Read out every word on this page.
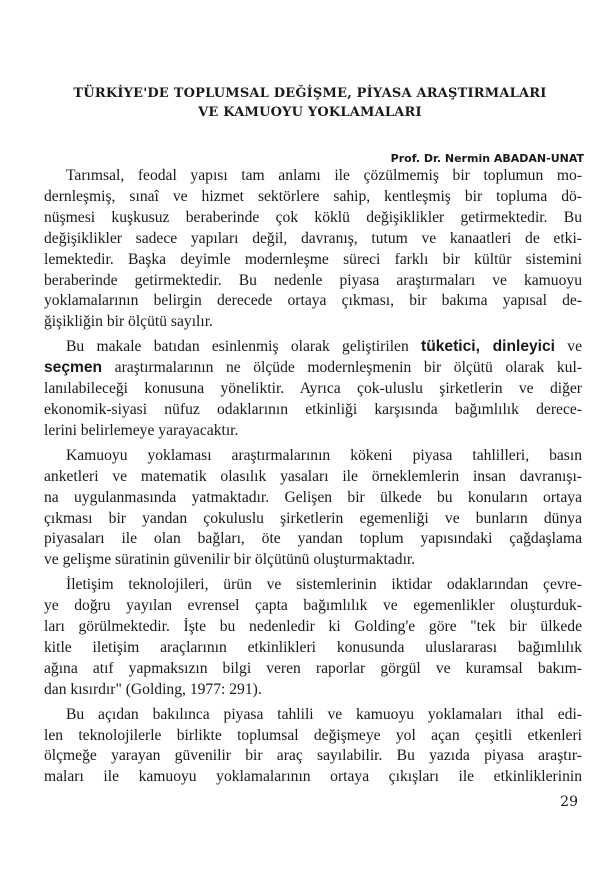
TÜRKİYE'DE TOPLUMSAL DEĞİŞME, PİYASA ARAŞTIRMALARI
VE KAMUOYU YOKLAMALARI
Prof. Dr. Nermin ABADAN-UNAT
Tarımsal, feodal yapısı tam anlamı ile çözülmemiş bir toplumun mo-
dernleşmiş, sınaî ve hizmet sektörlere sahip, kentleşmiş bir topluma dö-
nüşmesi kuşkusuz beraberinde çok köklü değişiklikler getirmektedir. Bu
değişiklikler sadece yapıları değil, davranış, tutum ve kanaatleri de etki-
lemektedir. Başka deyimle modernleşme süreci farklı bir kültür sistemini
beraberinde getirmektedir. Bu nedenle piyasa araştırmaları ve kamuoyu
yoklamalarının belirgin derecede ortaya çıkması, bir bakıma yapısal de-
ğişikliğin bir ölçütü sayılır.
Bu makale batıdan esinlenmiş olarak geliştirilen tüketici, dinleyici ve
seçmen araştırmalarının ne ölçüde modernleşmenin bir ölçütü olarak kul-
lanılabileceği konusuna yöneliktir. Ayrıca çok-uluslu şirketlerin ve diğer
ekonomik-siyasi nüfuz odaklarının etkinliği karşısında bağımlılık derece-
lerini belirlemeye yarayacaktır.
Kamuoyu yoklaması araştırmalarının kökeni piyasa tahlilleri, basın
anketleri ve matematik olasılık yasaları ile örneklemlerin insan davranışı-
na uygulanmasında yatmaktadır. Gelişen bir ülkede bu konuların ortaya
çıkması bir yandan çokuluslu şirketlerin egemenliği ve bunların dünya
piyasaları ile olan bağları, öte yandan toplum yapısındaki çağdaşlama
ve gelişme süratinin güvenilir bir ölçütünü oluşturmaktadır.
İletişim teknolojileri, ürün ve sistemlerinin iktidar odaklarından çevre-
ye doğru yayılan evrensel çapta bağımlılık ve egemenlikler oluşturduk-
ları görülmektedir. İşte bu nedenledir ki Golding'e göre "tek bir ülkede
kitle iletişim araçlarının etkinlikleri konusunda uluslararası bağımlılık
ağına atıf yapmaksızın bilgi veren raporlar görgül ve kuramsal bakım-
dan kısırdır" (Golding, 1977: 291).
Bu açıdan bakılınca piyasa tahlili ve kamuoyu yoklamaları ithal edi-
len teknolojilerle birlikte toplumsal değişmeye yol açan çeşitli etkenleri
ölçmeğe yarayan güvenilir bir araç sayılabilir. Bu yazıda piyasa araştır-
maları ile kamuoyu yoklamalarının ortaya çıkışları ile etkinliklerinin
29
